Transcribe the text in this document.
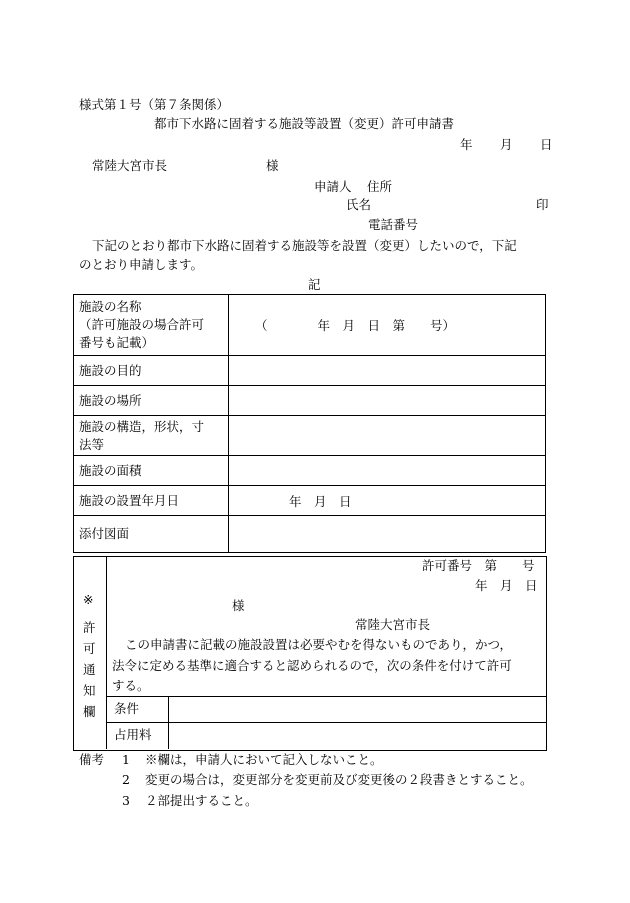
様式第１号（第７条関係）
都市下水路に固着する施設等設置（変更）許可申請書
年 月 日
常陸大宮市長	様
申請人 住所
氏名	印
電話番号
下記のとおり都市下水路に固着する施設等を設置（変更）したいので，下記
のとおり申請します。
記
施設の名称
（許可施設の場合許可
番号も記載）	（　　　　年　月　日　第　　号）
施設の目的	
施設の場所	

施設の構造，形状，寸
法等	

施設の面積	
施設の設置年月日	年　月　日
添付図面	
※
許
可
通
知
欄
許可番号　第　　号
年　月　日
様
常陸大宮市長
この申請書に記載の施設設置は必要やむを得ないものであり，かつ，
法令に定める基準に適合すると認められるので，次の条件を付けて許可
する。
条件
占用料
備考 1 ※欄は，申請人において記入しないこと。
2 変更の場合は，変更部分を変更前及び変更後の２段書きとすること。
3 ２部提出すること。
